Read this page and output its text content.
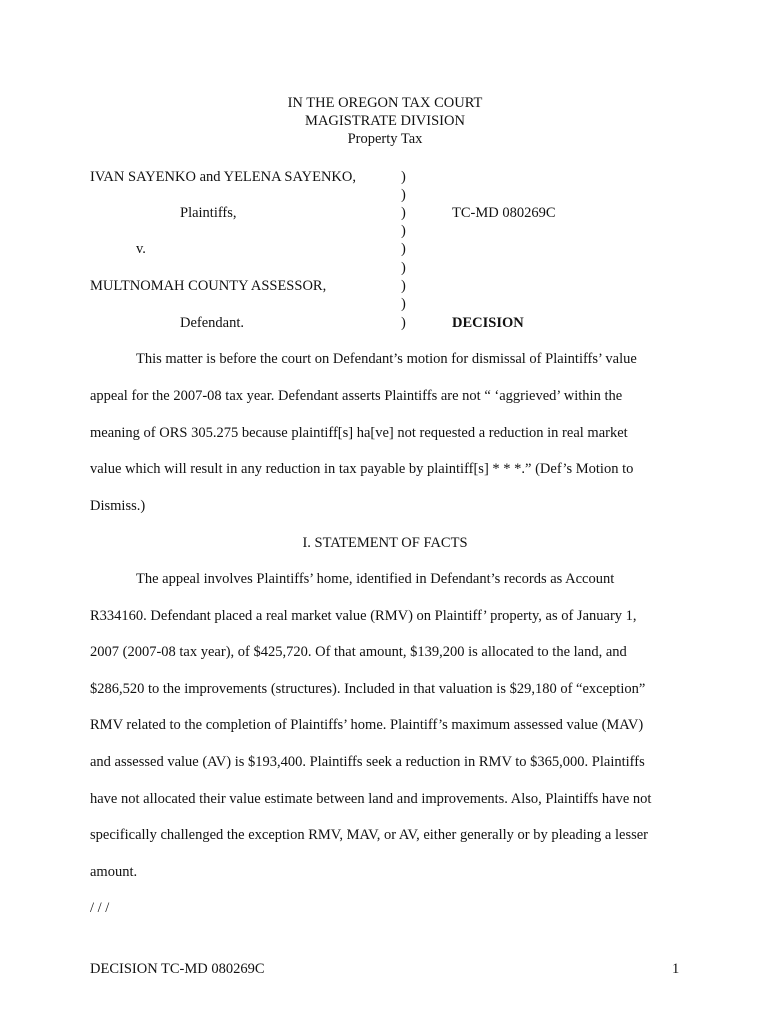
IN THE OREGON TAX COURT
MAGISTRATE DIVISION
Property Tax
IVAN SAYENKO and YELENA SAYENKO,
Plaintiffs,
v.
MULTNOMAH COUNTY ASSESSOR,
Defendant.
TC-MD 080269C
DECISION
)
)
)
)
)
)
)
)
)
This matter is before the court on Defendant’s motion for dismissal of Plaintiffs’ value
appeal for the 2007-08 tax year. Defendant asserts Plaintiffs are not “ ‘aggrieved’ within the
meaning of ORS 305.275 because plaintiff[s] ha[ve] not requested a reduction in real market
value which will result in any reduction in tax payable by plaintiff[s] * * *.” (Def’s Motion to
Dismiss.)
I. STATEMENT OF FACTS
The appeal involves Plaintiffs’ home, identified in Defendant’s records as Account
R334160. Defendant placed a real market value (RMV) on Plaintiff’ property, as of January 1,
2007 (2007-08 tax year), of $425,720. Of that amount, $139,200 is allocated to the land, and
$286,520 to the improvements (structures). Included in that valuation is $29,180 of “exception”
RMV related to the completion of Plaintiffs’ home. Plaintiff’s maximum assessed value (MAV)
and assessed value (AV) is $193,400. Plaintiffs seek a reduction in RMV to $365,000. Plaintiffs
have not allocated their value estimate between land and improvements. Also, Plaintiffs have not
specifically challenged the exception RMV, MAV, or AV, either generally or by pleading a lesser
amount.
/ / /
DECISION TC-MD 080269C	1
